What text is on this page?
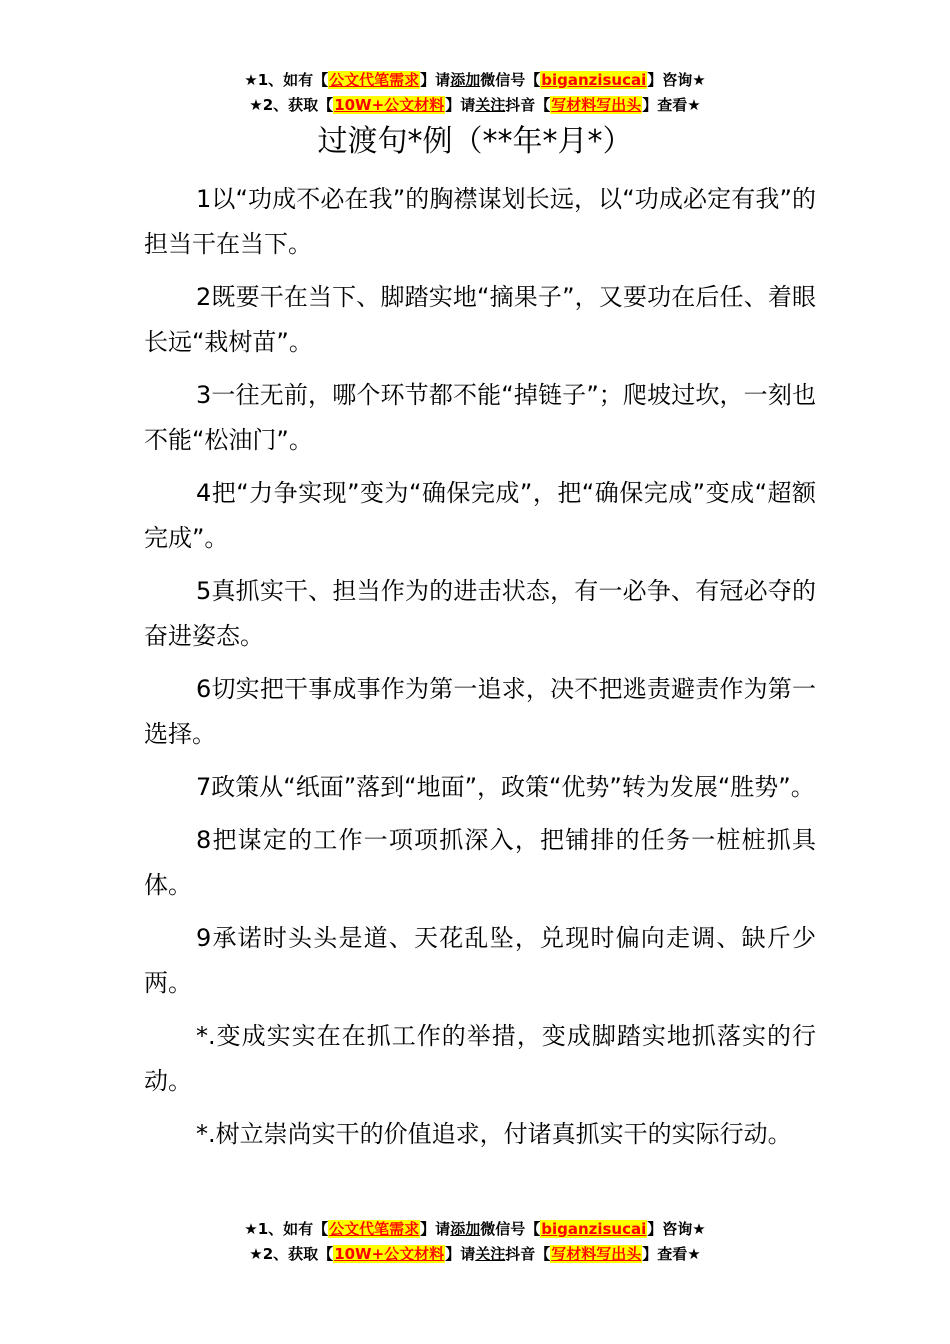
★1、如有【公文代笔需求】请添加微信号【biganzisucai】咨询★
★2、获取【10W+公文材料】请关注抖音【写材料写出头】查看★
过渡句*例（**年*月*）

1以“功成不必在我”的胸襟谋划长远，以“功成必定有我”的担当干在当下。

2既要干在当下、脚踏实地“摘果子”，又要功在后任、着眼长远“栽树苗”。

3一往无前，哪个环节都不能“掉链子”；爬坡过坎，一刻也不能“松油门”。

4把“力争实现”变为“确保完成”，把“确保完成”变成“超额完成”。

5真抓实干、担当作为的进击状态，有一必争、有冠必夺的奋进姿态。

6切实把干事成事作为第一追求，决不把逃责避责作为第一选择。

7政策从“纸面”落到“地面”，政策“优势”转为发展“胜势”。

8把谋定的工作一项项抓深入，把铺排的任务一桩桩抓具体。

9承诺时头头是道、天花乱坠，兑现时偏向走调、缺斤少两。

*.变成实实在在抓工作的举措，变成脚踏实地抓落实的行动。

*.树立崇尚实干的价值追求，付诸真抓实干的实际行动。

★1、如有【公文代笔需求】请添加微信号【biganzisucai】咨询★
★2、获取【10W+公文材料】请关注抖音【写材料写出头】查看★
